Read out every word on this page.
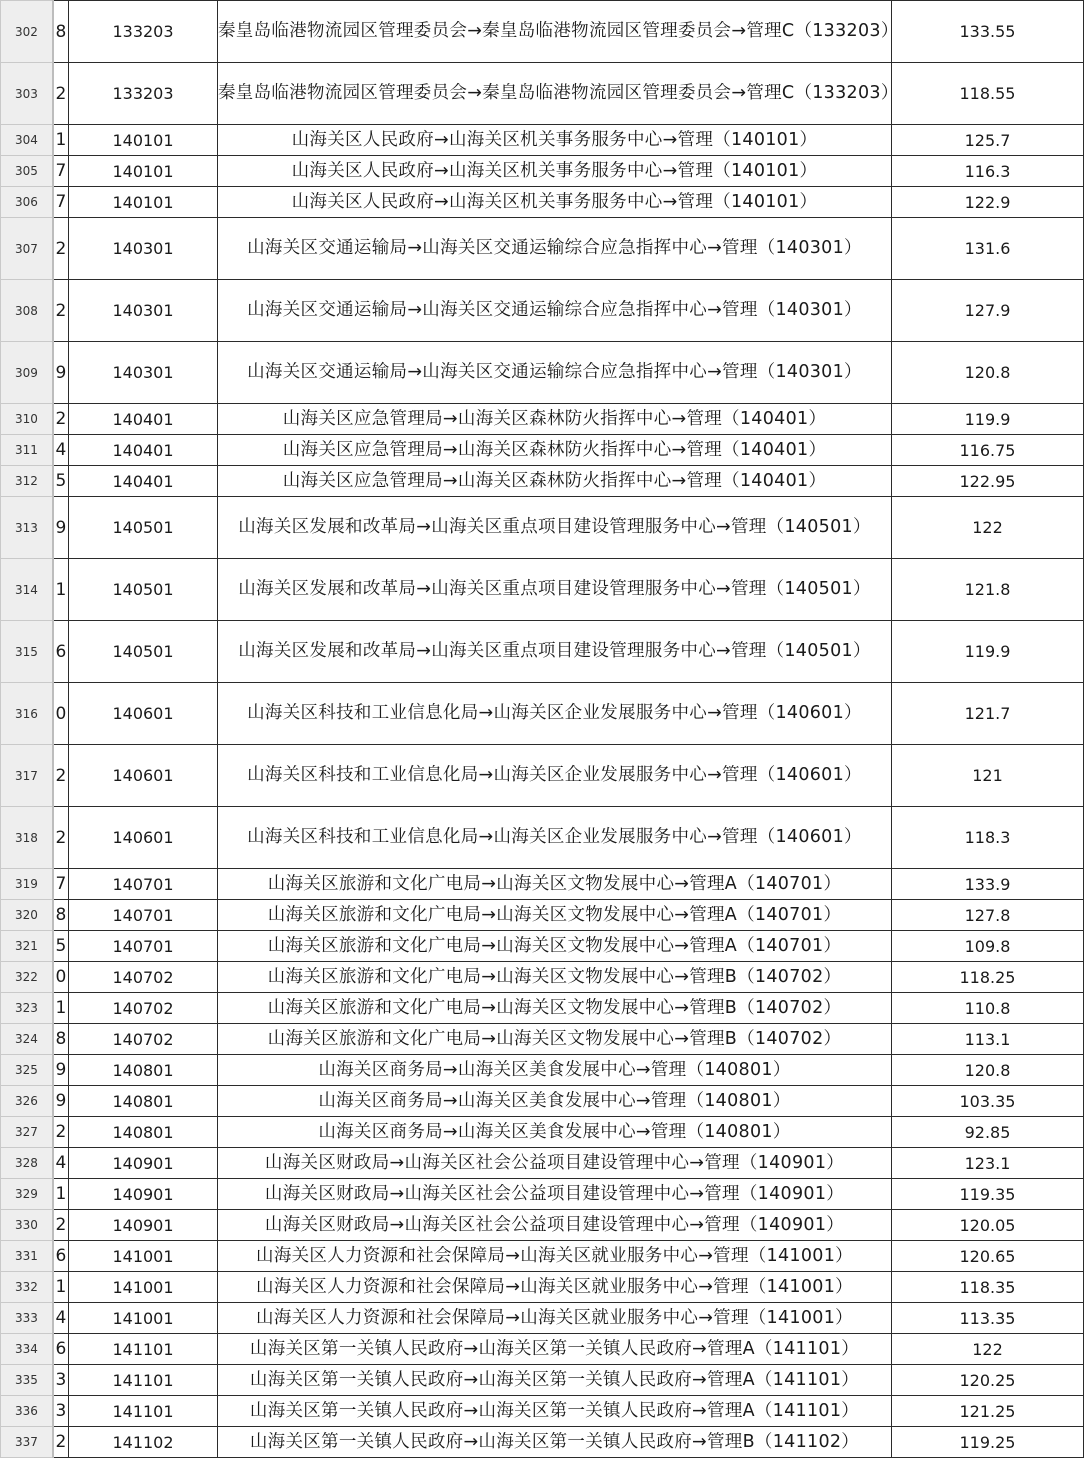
302	8	133203	秦皇岛临港物流园区管理委员会→秦皇岛临港物流园区管理委员会→管理C（133203）	133.55
303	2	133203	秦皇岛临港物流园区管理委员会→秦皇岛临港物流园区管理委员会→管理C（133203）	118.55
304	1	140101	山海关区人民政府→山海关区机关事务服务中心→管理（140101）	125.7
305	7	140101	山海关区人民政府→山海关区机关事务服务中心→管理（140101）	116.3
306	7	140101	山海关区人民政府→山海关区机关事务服务中心→管理（140101）	122.9
307	2	140301	山海关区交通运输局→山海关区交通运输综合应急指挥中心→管理（140301）	131.6
308	2	140301	山海关区交通运输局→山海关区交通运输综合应急指挥中心→管理（140301）	127.9
309	9	140301	山海关区交通运输局→山海关区交通运输综合应急指挥中心→管理（140301）	120.8
310	2	140401	山海关区应急管理局→山海关区森林防火指挥中心→管理（140401）	119.9
311	4	140401	山海关区应急管理局→山海关区森林防火指挥中心→管理（140401）	116.75
312	5	140401	山海关区应急管理局→山海关区森林防火指挥中心→管理（140401）	122.95
313	9	140501	山海关区发展和改革局→山海关区重点项目建设管理服务中心→管理（140501）	122
314	1	140501	山海关区发展和改革局→山海关区重点项目建设管理服务中心→管理（140501）	121.8
315	6	140501	山海关区发展和改革局→山海关区重点项目建设管理服务中心→管理（140501）	119.9
316	0	140601	山海关区科技和工业信息化局→山海关区企业发展服务中心→管理（140601）	121.7
317	2	140601	山海关区科技和工业信息化局→山海关区企业发展服务中心→管理（140601）	121
318	2	140601	山海关区科技和工业信息化局→山海关区企业发展服务中心→管理（140601）	118.3
319	7	140701	山海关区旅游和文化广电局→山海关区文物发展中心→管理A（140701）	133.9
320	8	140701	山海关区旅游和文化广电局→山海关区文物发展中心→管理A（140701）	127.8
321	5	140701	山海关区旅游和文化广电局→山海关区文物发展中心→管理A（140701）	109.8
322	0	140702	山海关区旅游和文化广电局→山海关区文物发展中心→管理B（140702）	118.25
323	1	140702	山海关区旅游和文化广电局→山海关区文物发展中心→管理B（140702）	110.8
324	8	140702	山海关区旅游和文化广电局→山海关区文物发展中心→管理B（140702）	113.1
325	9	140801	山海关区商务局→山海关区美食发展中心→管理（140801）	120.8
326	9	140801	山海关区商务局→山海关区美食发展中心→管理（140801）	103.35
327	2	140801	山海关区商务局→山海关区美食发展中心→管理（140801）	92.85
328	4	140901	山海关区财政局→山海关区社会公益项目建设管理中心→管理（140901）	123.1
329	1	140901	山海关区财政局→山海关区社会公益项目建设管理中心→管理（140901）	119.35
330	2	140901	山海关区财政局→山海关区社会公益项目建设管理中心→管理（140901）	120.05
331	6	141001	山海关区人力资源和社会保障局→山海关区就业服务中心→管理（141001）	120.65
332	1	141001	山海关区人力资源和社会保障局→山海关区就业服务中心→管理（141001）	118.35
333	4	141001	山海关区人力资源和社会保障局→山海关区就业服务中心→管理（141001）	113.35
334	6	141101	山海关区第一关镇人民政府→山海关区第一关镇人民政府→管理A（141101）	122
335	3	141101	山海关区第一关镇人民政府→山海关区第一关镇人民政府→管理A（141101）	120.25
336	3	141101	山海关区第一关镇人民政府→山海关区第一关镇人民政府→管理A（141101）	121.25
337	2	141102	山海关区第一关镇人民政府→山海关区第一关镇人民政府→管理B（141102）	119.25
